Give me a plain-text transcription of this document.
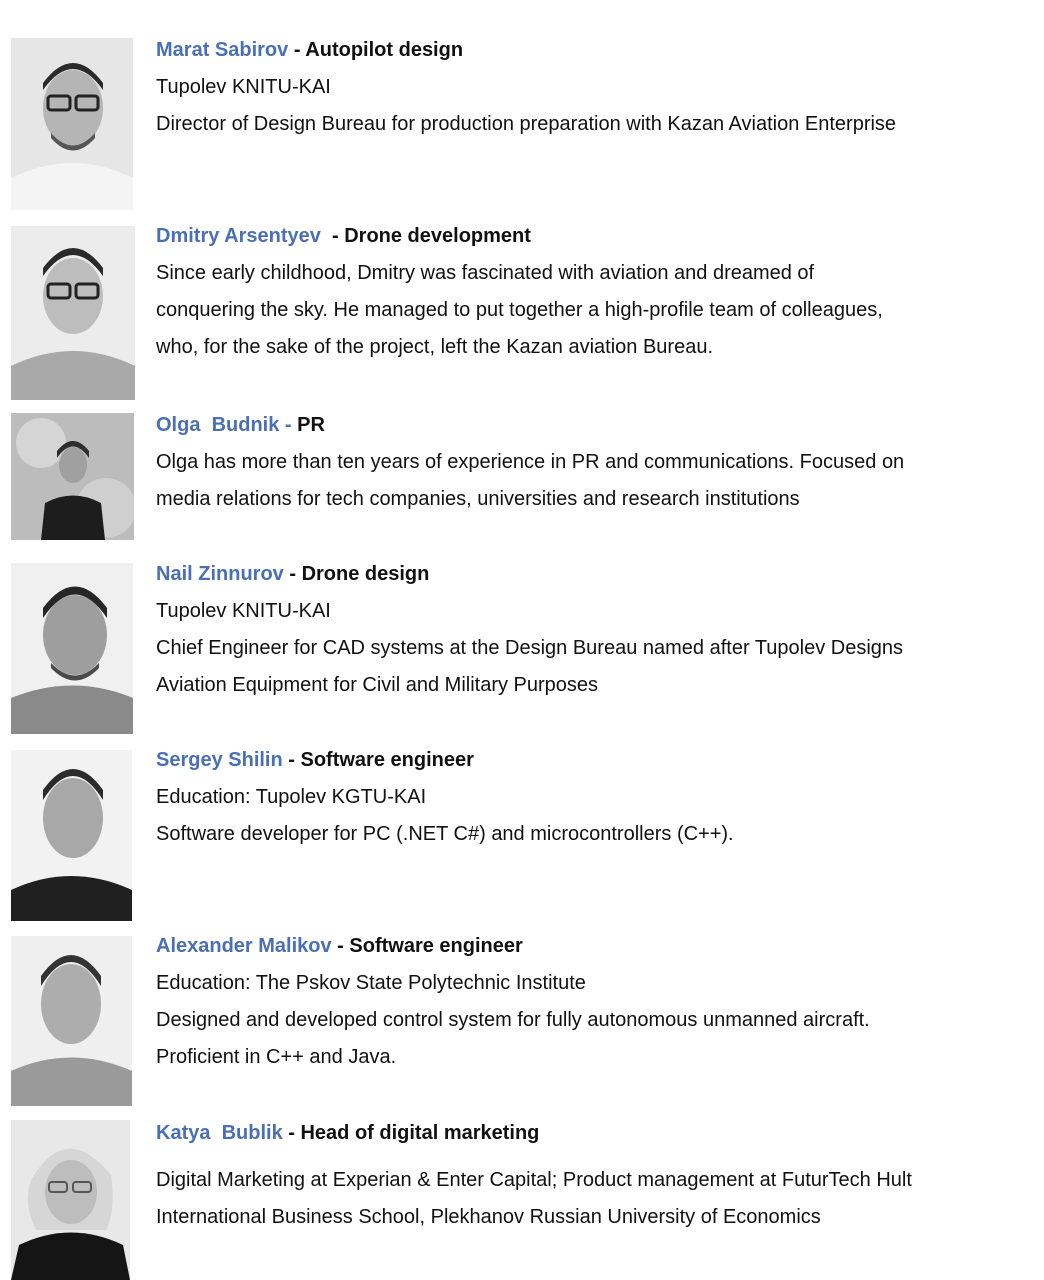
Marat Sabirov - Autopilot design
Tupolev KNITU-KAI
Director of Design Bureau for production preparation with Kazan Aviation Enterprise
Dmitry Arsentyev  - Drone development
Since early childhood, Dmitry was fascinated with aviation and dreamed of
conquering the sky. He managed to put together a high-profile team of colleagues,
who, for the sake of the project, left the Kazan aviation Bureau.
Olga  Budnik - PR
Olga has more than ten years of experience in PR and communications. Focused on
media relations for tech companies, universities and research institutions
Nail Zinnurov - Drone design
Tupolev KNITU-KAI
Chief Engineer for CAD systems at the Design Bureau named after Tupolev Designs
Aviation Equipment for Civil and Military Purposes
Sergey Shilin - Software engineer
Education: Tupolev KGTU-KAI
Software developer for PC (.NET C#) and microcontrollers (C++).
Alexander Malikov - Software engineer
Education: The Pskov State Polytechnic Institute
Designed and developed control system for fully autonomous unmanned aircraft.
Proficient in C++ and Java.
Katya  Bublik - Head of digital marketing
Digital Marketing at Experian & Enter Capital; Product management at FuturTech Hult
International Business School, Plekhanov Russian University of Economics
